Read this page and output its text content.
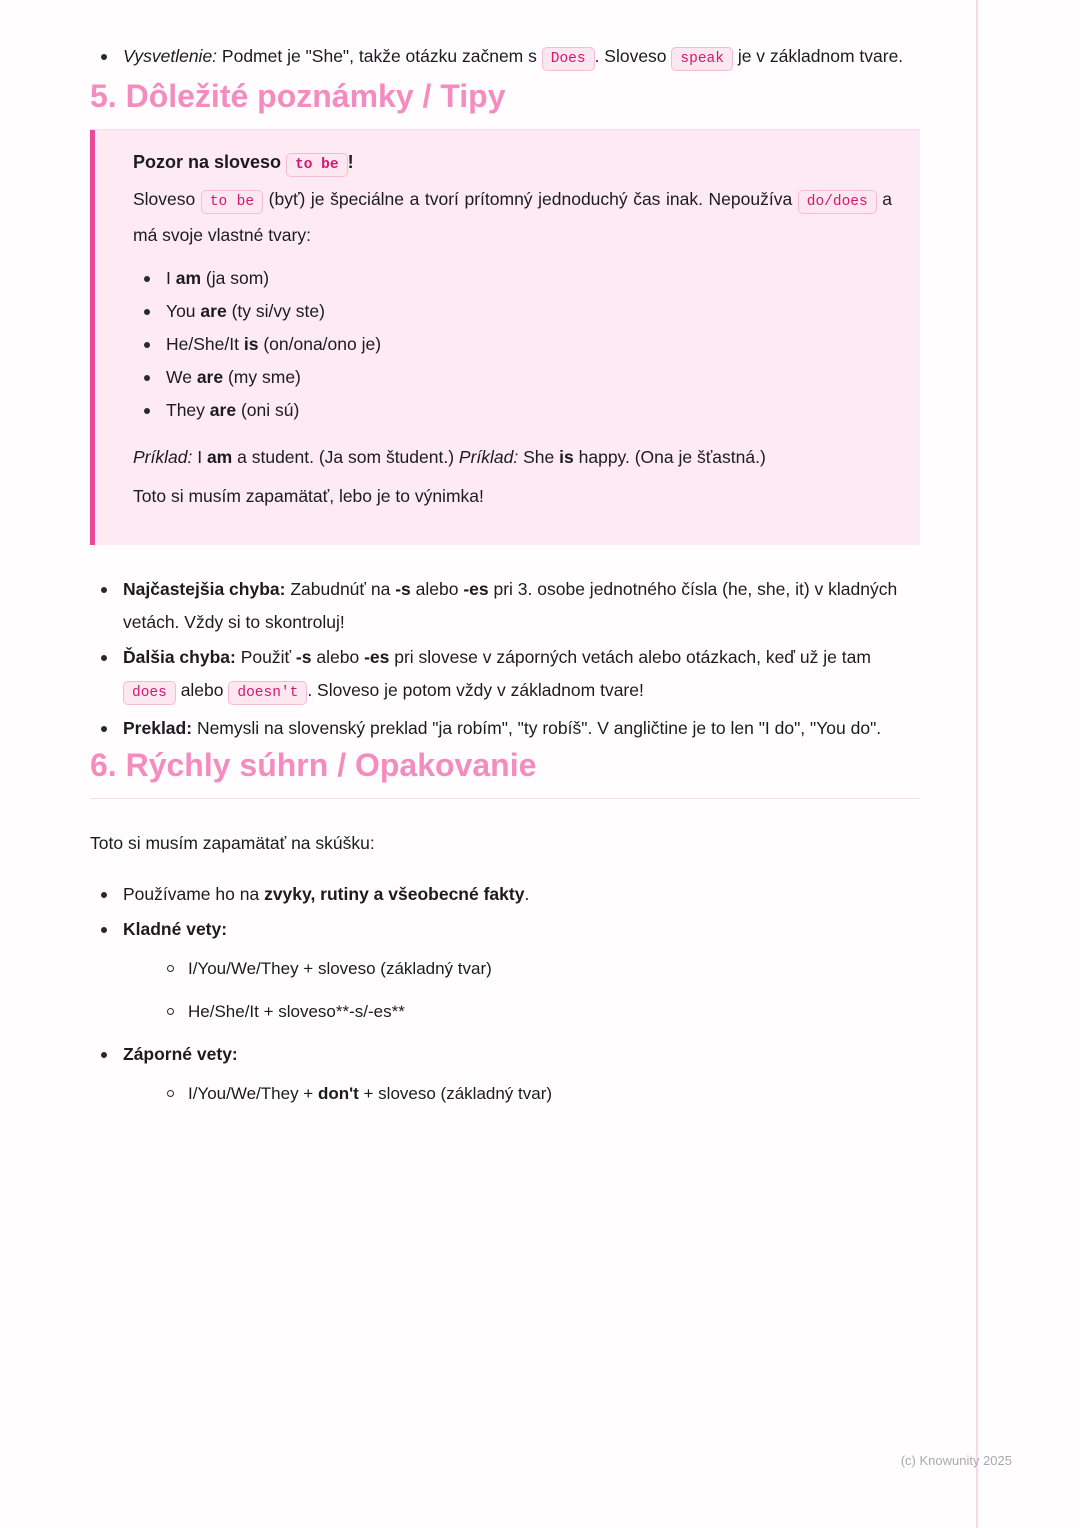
Vysvetlenie: Podmet je "She", takže otázku začnem s Does . Sloveso speak je v základnom tvare.
5. Dôležité poznámky / Tipy
Pozor na sloveso to be !

Sloveso to be (byť) je špeciálne a tvorí prítomný jednoduchý čas inak. Nepoužíva do/does a má svoje vlastné tvary:

I am (ja som)
You are (ty si/vy ste)
He/She/It is (on/ona/ono je)
We are (my sme)
They are (oni sú)

Príklad: I am a student. (Ja som študent.) Príklad: She is happy. (Ona je šťastná.)

Toto si musím zapamätať, lebo je to výnimka!

Najčastejšia chyba: Zabudnúť na -s alebo -es pri 3. osobe jednotného čísla (he, she, it) v kladných vetách. Vždy si to skontroluj!
Ďalšia chyba: Použiť -s alebo -es pri slovese v záporných vetách alebo otázkach, keď už je tam does alebo doesn't . Sloveso je potom vždy v základnom tvare!
Preklad: Nemysli na slovenský preklad "ja robím", "ty robíš". V angličtine je to len "I do", "You do".
6. Rýchly súhrn / Opakovanie

Toto si musím zapamätať na skúšku:

Používame ho na zvyky, rutiny a všeobecné fakty.
Kladné vety:
I/You/We/They + sloveso (základný tvar)
He/She/It + sloveso**-s/-es**
Záporné vety:
I/You/We/They + don't + sloveso (základný tvar)
(c) Knowunity 2025
